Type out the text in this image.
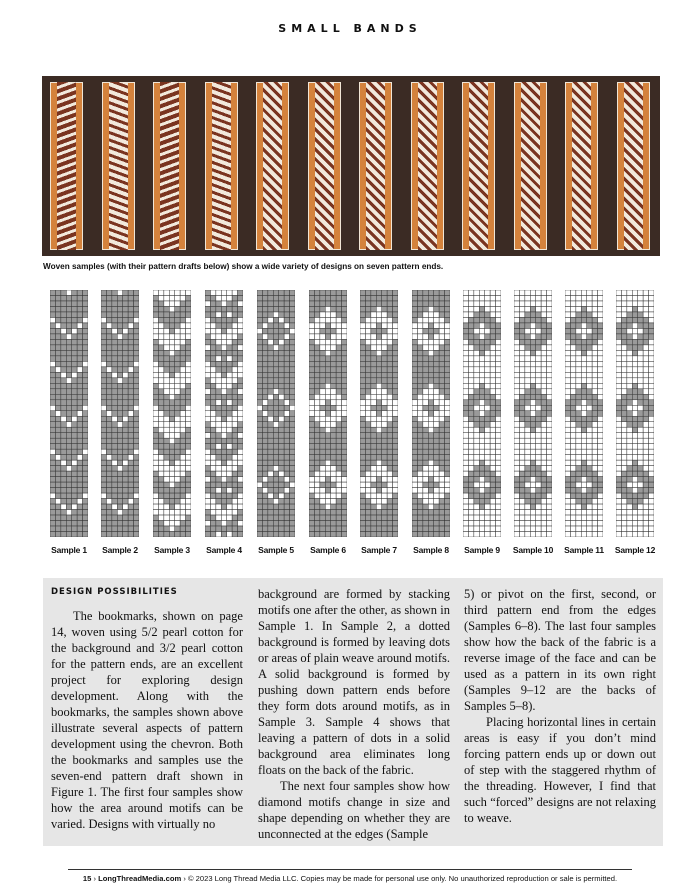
SMALL BANDS
Woven samples (with their pattern drafts below) show a wide variety of designs on seven pattern ends.
Sample 1	Sample 2	Sample 3	Sample 4	Sample 5	Sample 6	Sample 7	Sample 8	Sample 9	Sample 10	Sample 11	Sample 12
DESIGN POSSIBILITIES

The bookmarks, shown on page 14, woven using 5/2 pearl cotton for the background and 3/2 pearl cotton for the pattern ends, are an excellent project for exploring design development. Along with the bookmarks, the samples shown above illustrate several aspects of pattern development using the chevron. Both the bookmarks and samples use the seven-end pattern draft shown in Figure 1. The first four samples show how the area around motifs can be varied. Designs with virtually no

background are formed by stacking motifs one after the other, as shown in Sample 1. In Sample 2, a dotted background is formed by leaving dots or areas of plain weave around motifs. A solid background is formed by pushing down pattern ends before they form dots around motifs, as in Sample 3. Sample 4 shows that leaving a pattern of dots in a solid background area eliminates long floats on the back of the fabric.

The next four samples show how diamond motifs change in size and shape depending on whether they are unconnected at the edges (Sample

5) or pivot on the first, second, or third pattern end from the edges (Samples 6–8). The last four samples show how the back of the fabric is a reverse image of the face and can be used as a pattern in its own right (Samples 9–12 are the backs of Samples 5–8).

Placing horizontal lines in certain areas is easy if you don’t mind forcing pattern ends up or down out of step with the staggered rhythm of the threading. However, I find that such “forced” designs are not relaxing to weave.

15 › LongThreadMedia.com › © 2023 Long Thread Media LLC. Copies may be made for personal use only. No unauthorized reproduction or sale is permitted.
